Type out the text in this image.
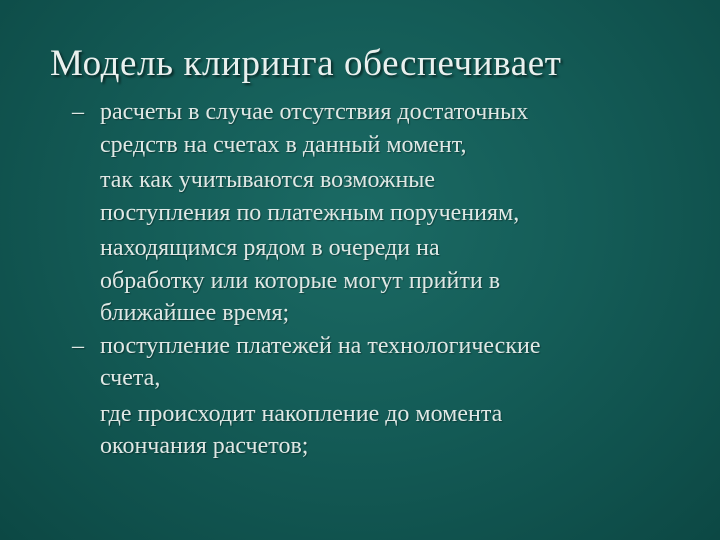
Модель клиринга обеспечивает
– расчеты в случае отсутствия достаточных
средств на счетах в данный момент,
так как учитываются возможные
поступления по платежным поручениям,
находящимся рядом в очереди на
обработку или которые могут прийти в
ближайшее время;
– поступление платежей на технологические
счета,
где происходит накопление до момента
окончания расчетов;
